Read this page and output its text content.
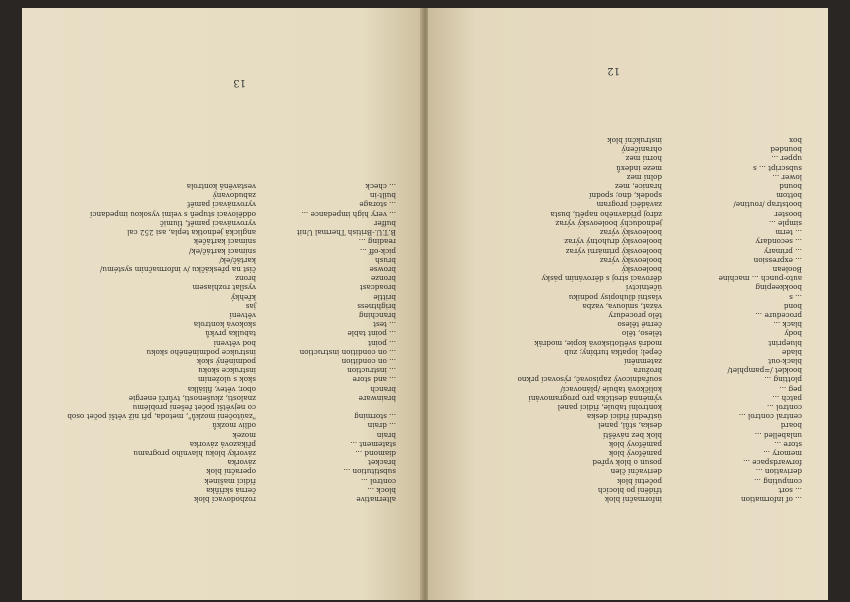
13
alternative
rozhodovací blok
block ...
černá skříňka
control ...
řídicí mašinek
substitution ...
operační blok
bracket
závorka
diamond ...
závorky bloku hlavního programu
statement ...
příkazová závorka
brain
mozek
... drain
odliv mozků
... storming
"zaútočení mozků", metoda, při níž větší počet osob
co největší počet řešení problému
brainware
znalosti, zkušenosti, tvůrčí energie
branch
obor, větev, filiálka
... and store
skok s uložením
... instruction
instrukce skoku
... on condition
podmíněný skok
... on condition instruction
instrukce podmíněného skoku
... point
bod větvení
... point table
tabulka prvků
... test
skoková kontrola
branching
větvení
brightness
jas
brittle
křehký
broadcast
vysílat rozhlasem
bronze
bronz
browse
číst na přeskáčku /v informačním systému/
brush
kartáč/ek/
pick-off ...
snímací kartáč/ek/
reading ...
snímací kartáček
B.T.U.-British Thermal Unit
anglická jednotka tepla, asi 252 cal
buffer
vyrovnávací paměť, tlumič
... very high impedance ...
oddělovací stupeň s velmi vysokou impedancí
... storage
vyrovnávací paměť
built-in
zabudovaný
... check
vestavěná kontrola
12
... of information
informační blok
... sort
třídění po blocích
computing ...
početní blok
derivation ...
derivační člen
forwardspace ...
posun o blok vpřed
memory ...
paměťový blok
store ...
paměťový blok
unlabelled ...
blok bez návěští
board
deska, stůl, panel
central control ...
ústřední řídicí deska
control ...
kontrolní tabule, řídicí panel
patch ...
výměnná destička pro programování
peg ...
kolíčková tabule /plánovací/
plotting ...
souřadnicový zapisovač, rýsovací prkno
booklet /=pamphlet/
brožura
black-out
zatemnění
blade
čepel; lopatka turbíny; zub
blueprint
modrá světlotisková kopie, modrák
body
těleso, tělo
black ...
černé těleso
procedure ...
tělo procedury
bond
vázat, smlouva, vazba
... s
vlastní dluhopisy podniku
bookkeeping
účetnictví
auto-punch ... machine
děrovací stroj s děrováním pásky
Boolean
booleovský
... expression
booleovský výraz
... primary
booleovský primární výraz
... secondary
booleovský druhotný výraz
... term
booleovský výraz
simple ...
jednoduchý booleovský výraz
booster
zdroj přídavného napětí, busta
bootstrap /routine/
zaváděcí program
bottom
spodek, dno; spodní
bound
hranice, mez
lower ...
dolní mez
subscript ... s
meze indexů
upper ...
horní mez
bounded
ohraničený
box
instrukční blok
